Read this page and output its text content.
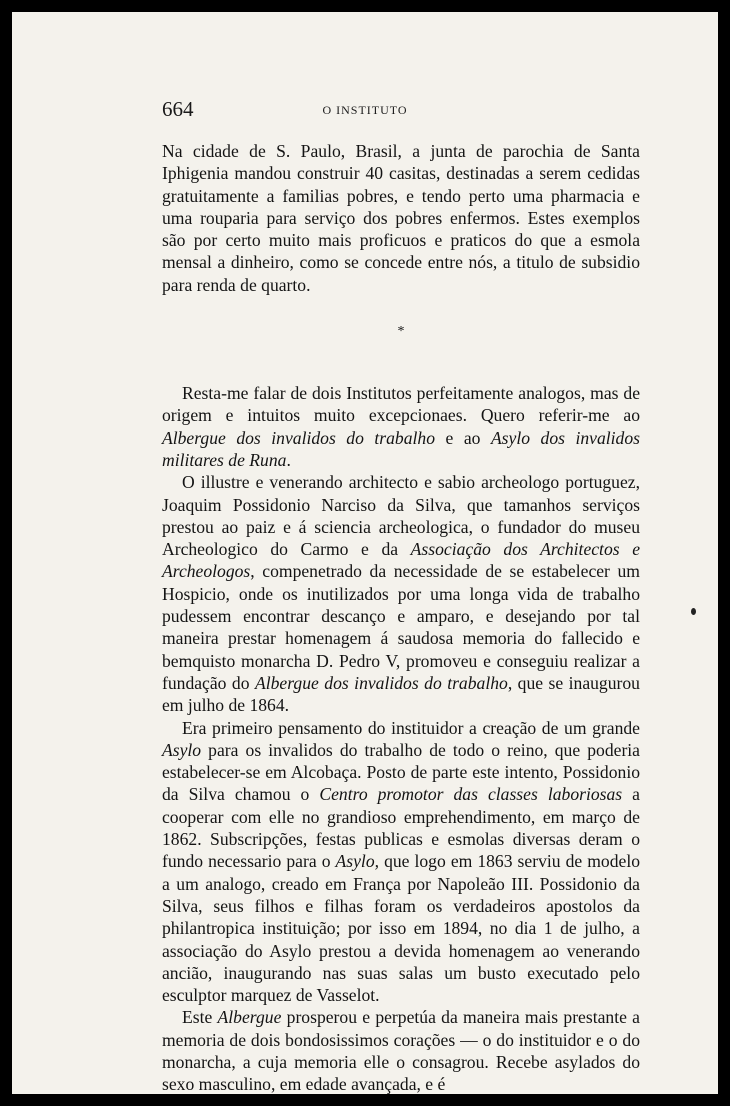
664	O INSTITUTO

Na cidade de S. Paulo, Brasil, a junta de parochia de Santa Iphigenia mandou construir 40 casitas, destinadas a serem cedidas gratuitamente a familias pobres, e tendo perto uma pharmacia e uma rouparia para serviço dos pobres enfermos. Estes exemplos são por certo muito mais proficuos e praticos do que a esmola mensal a dinheiro, como se concede entre nós, a titulo de subsidio para renda de quarto.

*

Resta-me falar de dois Institutos perfeitamente analogos, mas de origem e intuitos muito excepcionaes. Quero referir-me ao Albergue dos invalidos do trabalho e ao Asylo dos invalidos militares de Runa.

O illustre e venerando architecto e sabio archeologo portuguez, Joaquim Possidonio Narciso da Silva, que tamanhos serviços prestou ao paiz e á sciencia archeologica, o fundador do museu Archeologico do Carmo e da Associação dos Architectos e Archeologos, compenetrado da necessidade de se estabelecer um Hospicio, onde os inutilizados por uma longa vida de trabalho pudessem encontrar descanço e amparo, e desejando por tal maneira prestar homenagem á saudosa memoria do fallecido e bemquisto monarcha D. Pedro V, promoveu e conseguiu realizar a fundação do Albergue dos invalidos do trabalho, que se inaugurou em julho de 1864.

Era primeiro pensamento do instituidor a creação de um grande Asylo para os invalidos do trabalho de todo o reino, que poderia estabelecer-se em Alcobaça. Posto de parte este intento, Possidonio da Silva chamou o Centro promotor das classes laboriosas a cooperar com elle no grandioso emprehendimento, em março de 1862. Subscripções, festas publicas e esmolas diversas deram o fundo necessario para o Asylo, que logo em 1863 serviu de modelo a um analogo, creado em França por Napoleão III. Possidonio da Silva, seus filhos e filhas foram os verdadeiros apostolos da philantropica instituição; por isso em 1894, no dia 1 de julho, a associação do Asylo prestou a devida homenagem ao venerando ancião, inaugurando nas suas salas um busto executado pelo esculptor marquez de Vasselot.

Este Albergue prosperou e perpetúa da maneira mais prestante a memoria de dois bondosissimos corações — o do instituidor e o do monarcha, a cuja memoria elle o consagrou. Recebe asylados do sexo masculino, em edade avançada, e é
